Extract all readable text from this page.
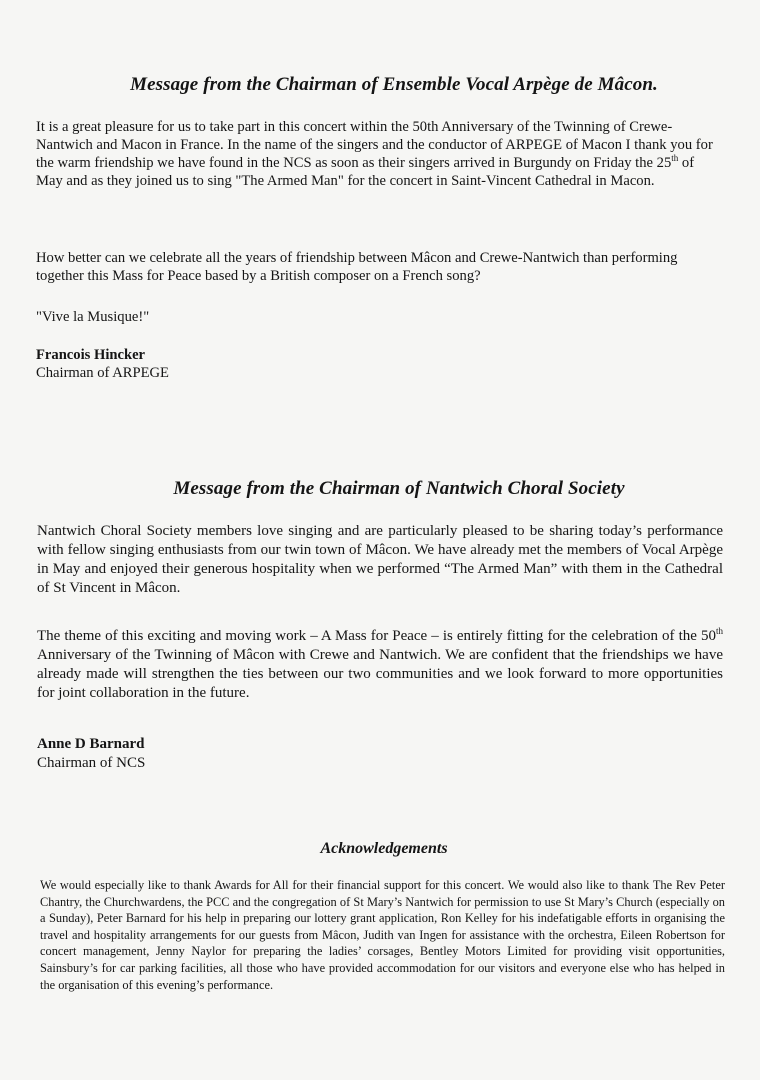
Message from the Chairman of Ensemble Vocal Arpège de Mâcon.

It is a great pleasure for us to take part in this concert within the 50th Anniversary of the Twinning of Crewe-Nantwich and Macon in France. In the name of the singers and the conductor of ARPEGE of Macon I thank you for the warm friendship we have found in the NCS as soon as their singers arrived in Burgundy on Friday the 25th of May and as they joined us to sing "The Armed Man" for the concert in Saint-Vincent Cathedral in Macon.

How better can we celebrate all the years of friendship between Mâcon and Crewe-Nantwich than performing together this Mass for Peace based by a British composer on a French song?

"Vive la Musique!"

Francois Hincker

Chairman of ARPEGE

Message from the Chairman of Nantwich Choral Society

Nantwich Choral Society members love singing and are particularly pleased to be sharing today’s performance with fellow singing enthusiasts from our twin town of Mâcon. We have already met the members of Vocal Arpège in May and enjoyed their generous hospitality when we performed “The Armed Man” with them in the Cathedral of St Vincent in Mâcon.

The theme of this exciting and moving work – A Mass for Peace – is entirely fitting for the celebration of the 50th Anniversary of the Twinning of Mâcon with Crewe and Nantwich. We are confident that the friendships we have already made will strengthen the ties between our two communities and we look forward to more opportunities for joint collaboration in the future.

Anne D Barnard

Chairman of NCS

Acknowledgements

We would especially like to thank Awards for All for their financial support for this concert. We would also like to thank The Rev Peter Chantry, the Churchwardens, the PCC and the congregation of St Mary’s Nantwich for permission to use St Mary’s Church (especially on a Sunday), Peter Barnard for his help in preparing our lottery grant application, Ron Kelley for his indefatigable efforts in organising the travel and hospitality arrangements for our guests from Mâcon, Judith van Ingen for assistance with the orchestra, Eileen Robertson for concert management, Jenny Naylor for preparing the ladies’ corsages, Bentley Motors Limited for providing visit opportunities, Sainsbury’s for car parking facilities, all those who have provided accommodation for our visitors and everyone else who has helped in the organisation of this evening’s performance.
